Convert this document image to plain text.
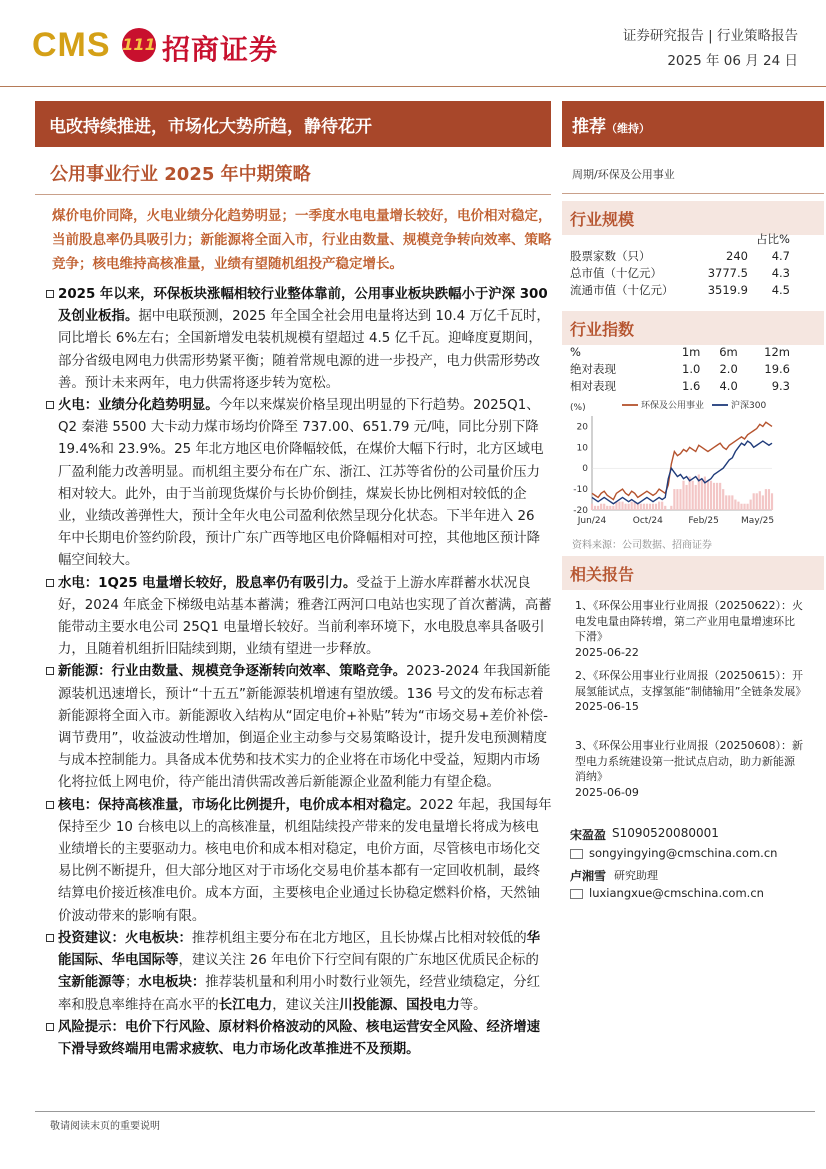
CMS 111 招商证券	证券研究报告 | 行业策略报告
2025 年 06 月 24 日
电改持续推进，市场化大势所趋，静待花开	推荐（维持）
公用事业行业 2025 年中期策略	周期/环保及公用事业
煤价电价同降，火电业绩分化趋势明显；一季度水电电量增长较好，电价相对稳定，当前股息率仍具吸引力；新能源将全面入市，行业由数量、规模竞争转向效率、策略竞争；核电维持高核准量，业绩有望随机组投产稳定增长。
2025 年以来，环保板块涨幅相较行业整体靠前，公用事业板块跌幅小于沪深 300 及创业板指。据中电联预测，2025 年全国全社会用电量将达到 10.4 万亿千瓦时，同比增长 6%左右；全国新增发电装机规模有望超过 4.5 亿千瓦。迎峰度夏期间，部分省级电网电力供需形势紧平衡；随着常规电源的进一步投产，电力供需形势改善。预计未来两年，电力供需将逐步转为宽松。
火电：业绩分化趋势明显。今年以来煤炭价格呈现出明显的下行趋势。2025Q1、Q2 秦港 5500 大卡动力煤市场均价降至 737.00、651.79 元/吨，同比分别下降 19.4%和 23.9%。25 年北方地区电价降幅较低，在煤价大幅下行时，北方区域电厂盈利能力改善明显。而机组主要分布在广东、浙江、江苏等省份的公司量价压力相对较大。此外，由于当前现货煤价与长协价倒挂，煤炭长协比例相对较低的企业，业绩改善弹性大，预计全年火电公司盈利依然呈现分化状态。下半年进入 26 年中长期电价签约阶段，预计广东广西等地区电价降幅相对可控，其他地区预计降幅空间较大。
水电：1Q25 电量增长较好，股息率仍有吸引力。受益于上游水库群蓄水状况良好，2024 年底金下梯级电站基本蓄满；雅砻江两河口电站也实现了首次蓄满，高蓄能带动主要水电公司 25Q1 电量增长较好。当前利率环境下，水电股息率具备吸引力，且随着机组折旧陆续到期，业绩有望进一步释放。
新能源：行业由数量、规模竞争逐渐转向效率、策略竞争。2023-2024 年我国新能源装机迅速增长，预计“十五五”新能源装机增速有望放缓。136 号文的发布标志着新能源将全面入市。新能源收入结构从“固定电价+补贴”转为“市场交易+差价补偿-调节费用”，收益波动性增加，倒逼企业主动参与交易策略设计，提升发电预测精度与成本控制能力。具备成本优势和技术实力的企业将在市场化中受益，短期内市场化将拉低上网电价，待产能出清供需改善后新能源企业盈利能力有望企稳。
核电：保持高核准量，市场化比例提升，电价成本相对稳定。2022 年起，我国每年保持至少 10 台核电以上的高核准量，机组陆续投产带来的发电量增长将成为核电业绩增长的主要驱动力。核电电价和成本相对稳定，电价方面，尽管核电市场化交易比例不断提升，但大部分地区对于市场化交易电价基本都有一定回收机制，最终结算电价接近核准电价。成本方面，主要核电企业通过长协稳定燃料价格，天然铀价波动带来的影响有限。
投资建议：火电板块：推荐机组主要分布在北方地区，且长协煤占比相对较低的华能国际、华电国际等，建议关注 26 年电价下行空间有限的广东地区优质民企标的宝新能源等；水电板块：推荐装机量和利用小时数行业领先，经营业绩稳定，分红率和股息率维持在高水平的长江电力，建议关注川投能源、国投电力等。
风险提示：电价下行风险、原材料价格波动的风险、核电运营安全风险、经济增速下滑导致终端用电需求疲软、电力市场化改革推进不及预期。
行业规模
		占比%
股票家数（只）	240	4.7
总市值（十亿元）	3777.5	4.3
流通市值（十亿元）	3519.9	4.5
行业指数
%	1m	6m	12m
绝对表现	1.0	2.0	19.6
相对表现	1.6	4.0	9.3
(%)
20
10
0
-10
-20
环保及公用事业	沪深300
Jun/24	Oct/24	Feb/25 May/25
资料来源：公司数据、招商证券
相关报告
1、《环保公用事业行业周报（20250622）：火电发电量由降转增，第二产业用电量增速环比下滑》
2025-06-22
2、《环保公用事业行业周报（20250615）：开展氢能试点，支撑氢能“制储输用”全链条发展》
2025-06-15
3、《环保公用事业行业周报（20250608）：新型电力系统建设第一批试点启动，助力新能源消纳》
2025-06-09
宋盈盈 S1090520080001
songyingying@cmschina.com.cn
卢湘雪 研究助理
luxiangxue@cmschina.com.cn
敬请阅读末页的重要说明
